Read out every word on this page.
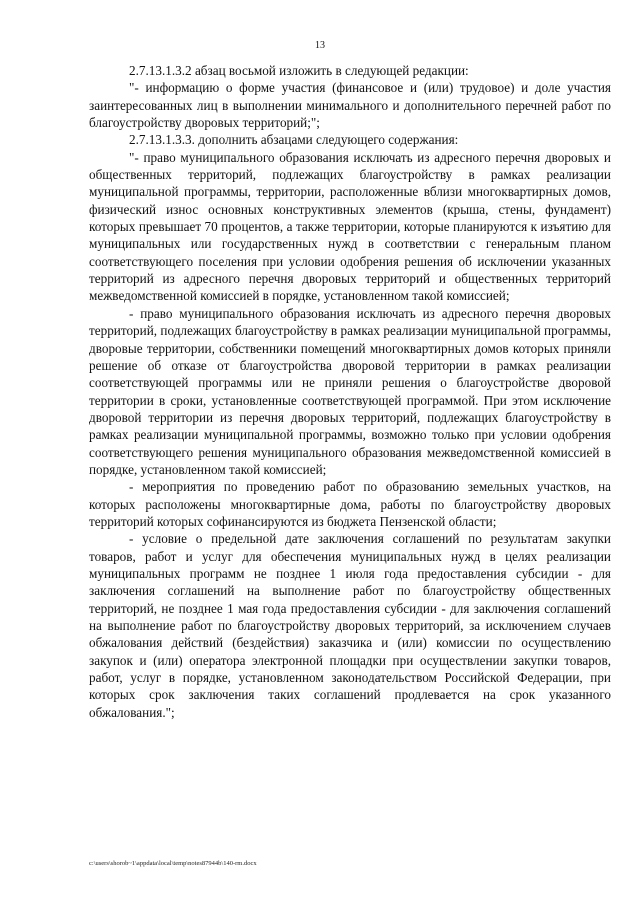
13

2.7.13.1.3.2 абзац восьмой изложить в следующей редакции:

"- информацию о форме участия (финансовое и (или) трудовое) и доле участия заинтересованных лиц в выполнении минимального и дополнительного перечней работ по благоустройству дворовых территорий;";

2.7.13.1.3.3. дополнить абзацами следующего содержания:

"- право муниципального образования исключать из адресного перечня дворовых и общественных территорий, подлежащих благоустройству в рамках реализации муниципальной программы, территории, расположенные вблизи многоквартирных домов, физический износ основных конструктивных элементов (крыша, стены, фундамент) которых превышает 70 процентов, а также территории, которые планируются к изъятию для муниципальных или государственных нужд в соответствии с генеральным планом соответствующего поселения при условии одобрения решения об исключении указанных территорий из адресного перечня дворовых территорий и общественных территорий межведомственной комиссией в порядке, установленном такой комиссией;

- право муниципального образования исключать из адресного перечня дворовых территорий, подлежащих благоустройству в рамках реализации муниципальной программы, дворовые территории, собственники помещений многоквартирных домов которых приняли решение об отказе от благоустройства дворовой территории в рамках реализации соответствующей программы или не приняли решения о благоустройстве дворовой территории в сроки, установленные соответствующей программой. При этом исключение дворовой территории из перечня дворовых территорий, подлежащих благоустройству в рамках реализации муниципальной программы, возможно только при условии одобрения соответствующего решения муниципального образования межведомственной комиссией в порядке, установленном такой комиссией;

- мероприятия по проведению работ по образованию земельных участков, на которых расположены многоквартирные дома, работы по благоустройству дворовых территорий которых софинансируются из бюджета Пензенской области;

- условие о предельной дате заключения соглашений по результатам закупки товаров, работ и услуг для обеспечения муниципальных нужд в целях реализации муниципальных программ не позднее 1 июля года предоставления субсидии - для заключения соглашений на выполнение работ по благоустройству общественных территорий, не позднее 1 мая года предоставления субсидии - для заключения соглашений на выполнение работ по благоустройству дворовых территорий, за исключением случаев обжалования действий (бездействия) заказчика и (или) комиссии по осуществлению закупок и (или) оператора электронной площадки при осуществлении закупки товаров, работ, услуг в порядке, установленном законодательством Российской Федерации, при которых срок заключения таких соглашений продлевается на срок указанного обжалования.";

c:\users\shorob~1\appdata\local\temp\notes87944b\140-rm.docx
